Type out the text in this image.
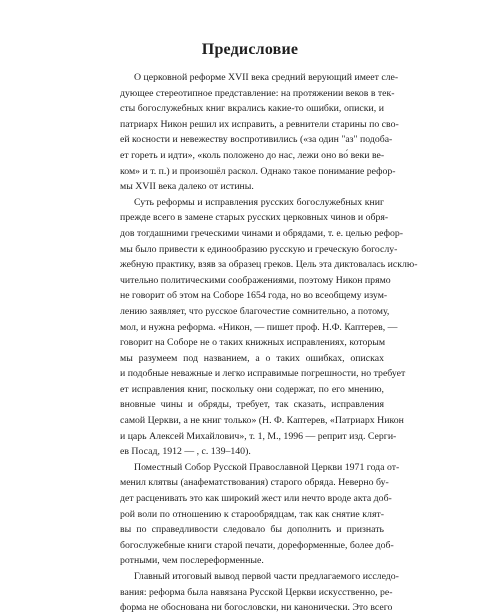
Предисловие
О церковной реформе XVII века средний верующий имеет сле-
дующее стереотипное представление: на протяжении веков в тек-
сты богослужебных книг вкрались какие-то ошибки, описки, и
патриарх Никон решил их исправить, а ревнители старины по сво-
ей косности и невежеству воспротивились («за один "аз" подоба-
ет гореть и идти», «коль положено до нас, лежи оно во́ веки ве-
ком» и т. п.) и произошёл раскол. Однако такое понимание рефор-
мы XVII века далеко от истины.
Суть реформы и исправления русских богослужебных книг
прежде всего в замене старых русских церковных чинов и обря-
дов тогдашними греческими чинами и обрядами, т. е. целью рефор-
мы было привести к единообразию русскую и греческую богослу-
жебную практику, взяв за образец греков. Цель эта диктовалась исклю-
чительно политическими соображениями, поэтому Никон прямо
не говорит об этом на Соборе 1654 года, но во всеобщему изум-
лению заявляет, что русское благочестие сомнительно, а потому,
мол, и нужна реформа. «Никон, — пишет проф. Н.Ф. Каптерев, —
говорит на Соборе не о таких книжных исправлениях, которым
мы разумеем под названием, а о таких ошибках, описках
и подобные неважные и легко исправимые погрешности, но требует
ет исправления книг, поскольку они содержат, по его мнению,
вновные чины и обряды, требует, так сказать, исправления
самой Церкви, а не книг только» (Н. Ф. Каптерев, «Патриарх Никон
и царь Алексей Михайлович», т. 1, М., 1996 — реприт изд. Серги-
ев Посад, 1912 — , с. 139–140).
Поместный Собор Русской Православной Церкви 1971 года от-
менил клятвы (анафематствования) старого обряда. Неверно бу-
дет расценивать это как широкий жест или нечто вроде акта доб-
рой воли по отношению к старообрядцам, так как снятие клят-
вы по справедливости следовало бы дополнить и признать
богослужебные книги старой печати, дореформенные, более доб-
ротными, чем послереформенные.
Главный итоговый вывод первой части предлагаемого исследо-
вания: реформа была навязана Русской Церкви искусственно, ре-
форма не обоснована ни богословски, ни канонически. Это всего
